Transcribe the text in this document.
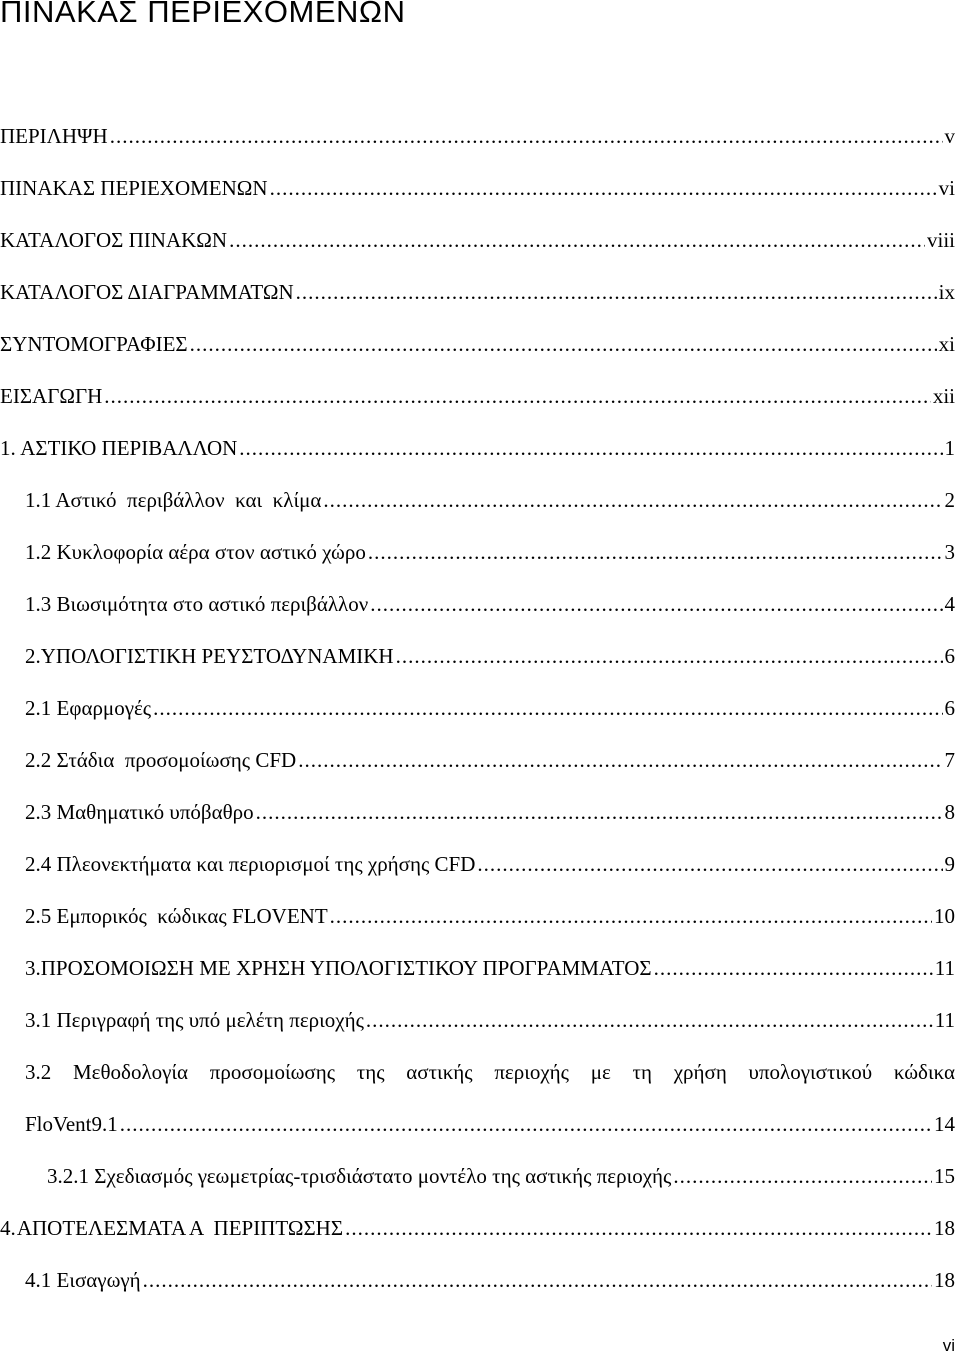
ΠΙΝΑΚΑΣ ΠΕΡΙΕΧΟΜΕΝΩΝ
ΠΕΡΙΛΗΨΗ .....	v
ΠΙΝΑΚΑΣ ΠΕΡΙΕΧΟΜΕΝΩΝ .....	vi
ΚΑΤΑΛΟΓΟΣ ΠΙΝΑΚΩΝ .....	viii
ΚΑΤΑΛΟΓΟΣ ΔΙΑΓΡΑΜΜΑΤΩΝ .....	ix
ΣΥΝΤΟΜΟΓΡΑΦΙΕΣ .....	xi
ΕΙΣΑΓΩΓΗ .....	xii
1. ΑΣΤΙΚΟ ΠΕΡΙΒΑΛΛΟΝ .....	1
1.1 Αστικό  περιβάλλον  και  κλίμα .....	2
1.2 Κυκλοφορία αέρα στον αστικό χώρο .....	3
1.3 Βιωσιμότητα στο αστικό περιβάλλον .....	4
2. ΥΠΟΛΟΓΙΣΤΙΚΗ ΡΕΥΣΤΟΔΥΝΑΜΙΚΗ .....	6
2.1 Εφαρμογές .....	6
2.2 Στάδια  προσομοίωσης CFD .....	7
2.3 Μαθηματικό υπόβαθρο .....	8
2.4 Πλεονεκτήματα και περιορισμοί της χρήσης CFD .....	9
2.5 Εμπορικός  κώδικας FLOVENT .....	10
3. ΠΡΟΣΟΜΟΙΩΣΗ ΜΕ ΧΡΗΣΗ ΥΠΟΛΟΓΙΣΤΙΚΟΥ ΠΡΟΓΡΑΜΜΑΤΟΣ .....	11
3.1 Περιγραφή της υπό μελέτη περιοχής .....	11
3.2 Μεθοδολογία προσομοίωσης της αστικής περιοχής με τη χρήση υπολογιστικού κώδικα
FloVent9.1 .....	14
3.2.1 Σχεδιασμός γεωμετρίας-τρισδιάστατο μοντέλο της αστικής περιοχής .....	15
4. ΑΠΟΤΕΛΕΣΜΑΤΑ Α  ΠΕΡΙΠΤΩΣΗΣ .....	18
4.1 Εισαγωγή .....	18
vi
